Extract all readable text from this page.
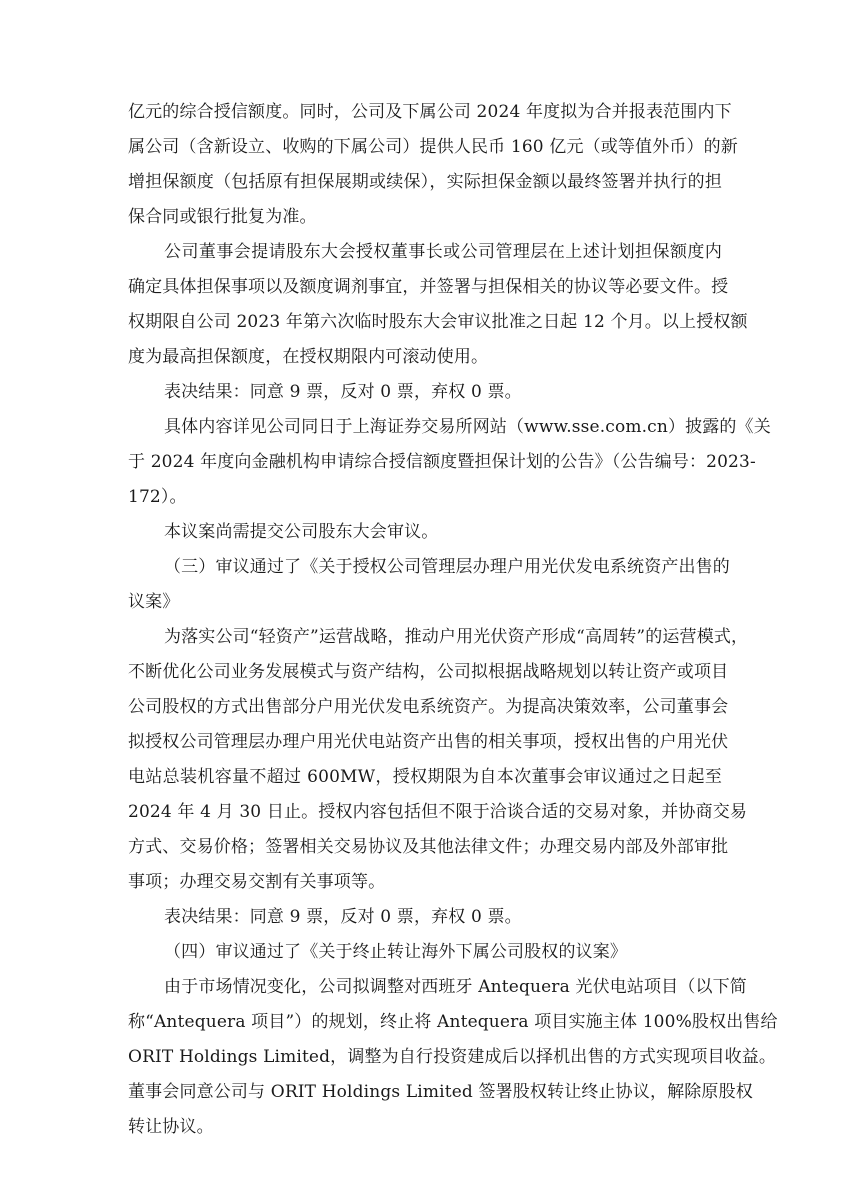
亿元的综合授信额度。同时，公司及下属公司 2024 年度拟为合并报表范围内下
属公司（含新设立、收购的下属公司）提供人民币 160 亿元（或等值外币）的新
增担保额度（包括原有担保展期或续保），实际担保金额以最终签署并执行的担
保合同或银行批复为准。
公司董事会提请股东大会授权董事长或公司管理层在上述计划担保额度内
确定具体担保事项以及额度调剂事宜，并签署与担保相关的协议等必要文件。授
权期限自公司 2023 年第六次临时股东大会审议批准之日起 12 个月。以上授权额
度为最高担保额度，在授权期限内可滚动使用。
表决结果：同意 9 票，反对 0 票，弃权 0 票。
具体内容详见公司同日于上海证券交易所网站（www.sse.com.cn）披露的《关
于 2024 年度向金融机构申请综合授信额度暨担保计划的公告》（公告编号：2023-
172）。
本议案尚需提交公司股东大会审议。
（三）审议通过了《关于授权公司管理层办理户用光伏发电系统资产出售的
议案》
为落实公司“轻资产”运营战略，推动户用光伏资产形成“高周转”的运营模式，
不断优化公司业务发展模式与资产结构，公司拟根据战略规划以转让资产或项目
公司股权的方式出售部分户用光伏发电系统资产。为提高决策效率，公司董事会
拟授权公司管理层办理户用光伏电站资产出售的相关事项，授权出售的户用光伏
电站总装机容量不超过 600MW，授权期限为自本次董事会审议通过之日起至
2024 年 4 月 30 日止。授权内容包括但不限于洽谈合适的交易对象，并协商交易
方式、交易价格；签署相关交易协议及其他法律文件；办理交易内部及外部审批
事项；办理交易交割有关事项等。
表决结果：同意 9 票，反对 0 票，弃权 0 票。
（四）审议通过了《关于终止转让海外下属公司股权的议案》
由于市场情况变化，公司拟调整对西班牙 Antequera 光伏电站项目（以下简
称“Antequera 项目”）的规划，终止将 Antequera 项目实施主体 100%股权出售给
ORIT Holdings Limited，调整为自行投资建成后以择机出售的方式实现项目收益。
董事会同意公司与 ORIT Holdings Limited 签署股权转让终止协议，解除原股权
转让协议。
